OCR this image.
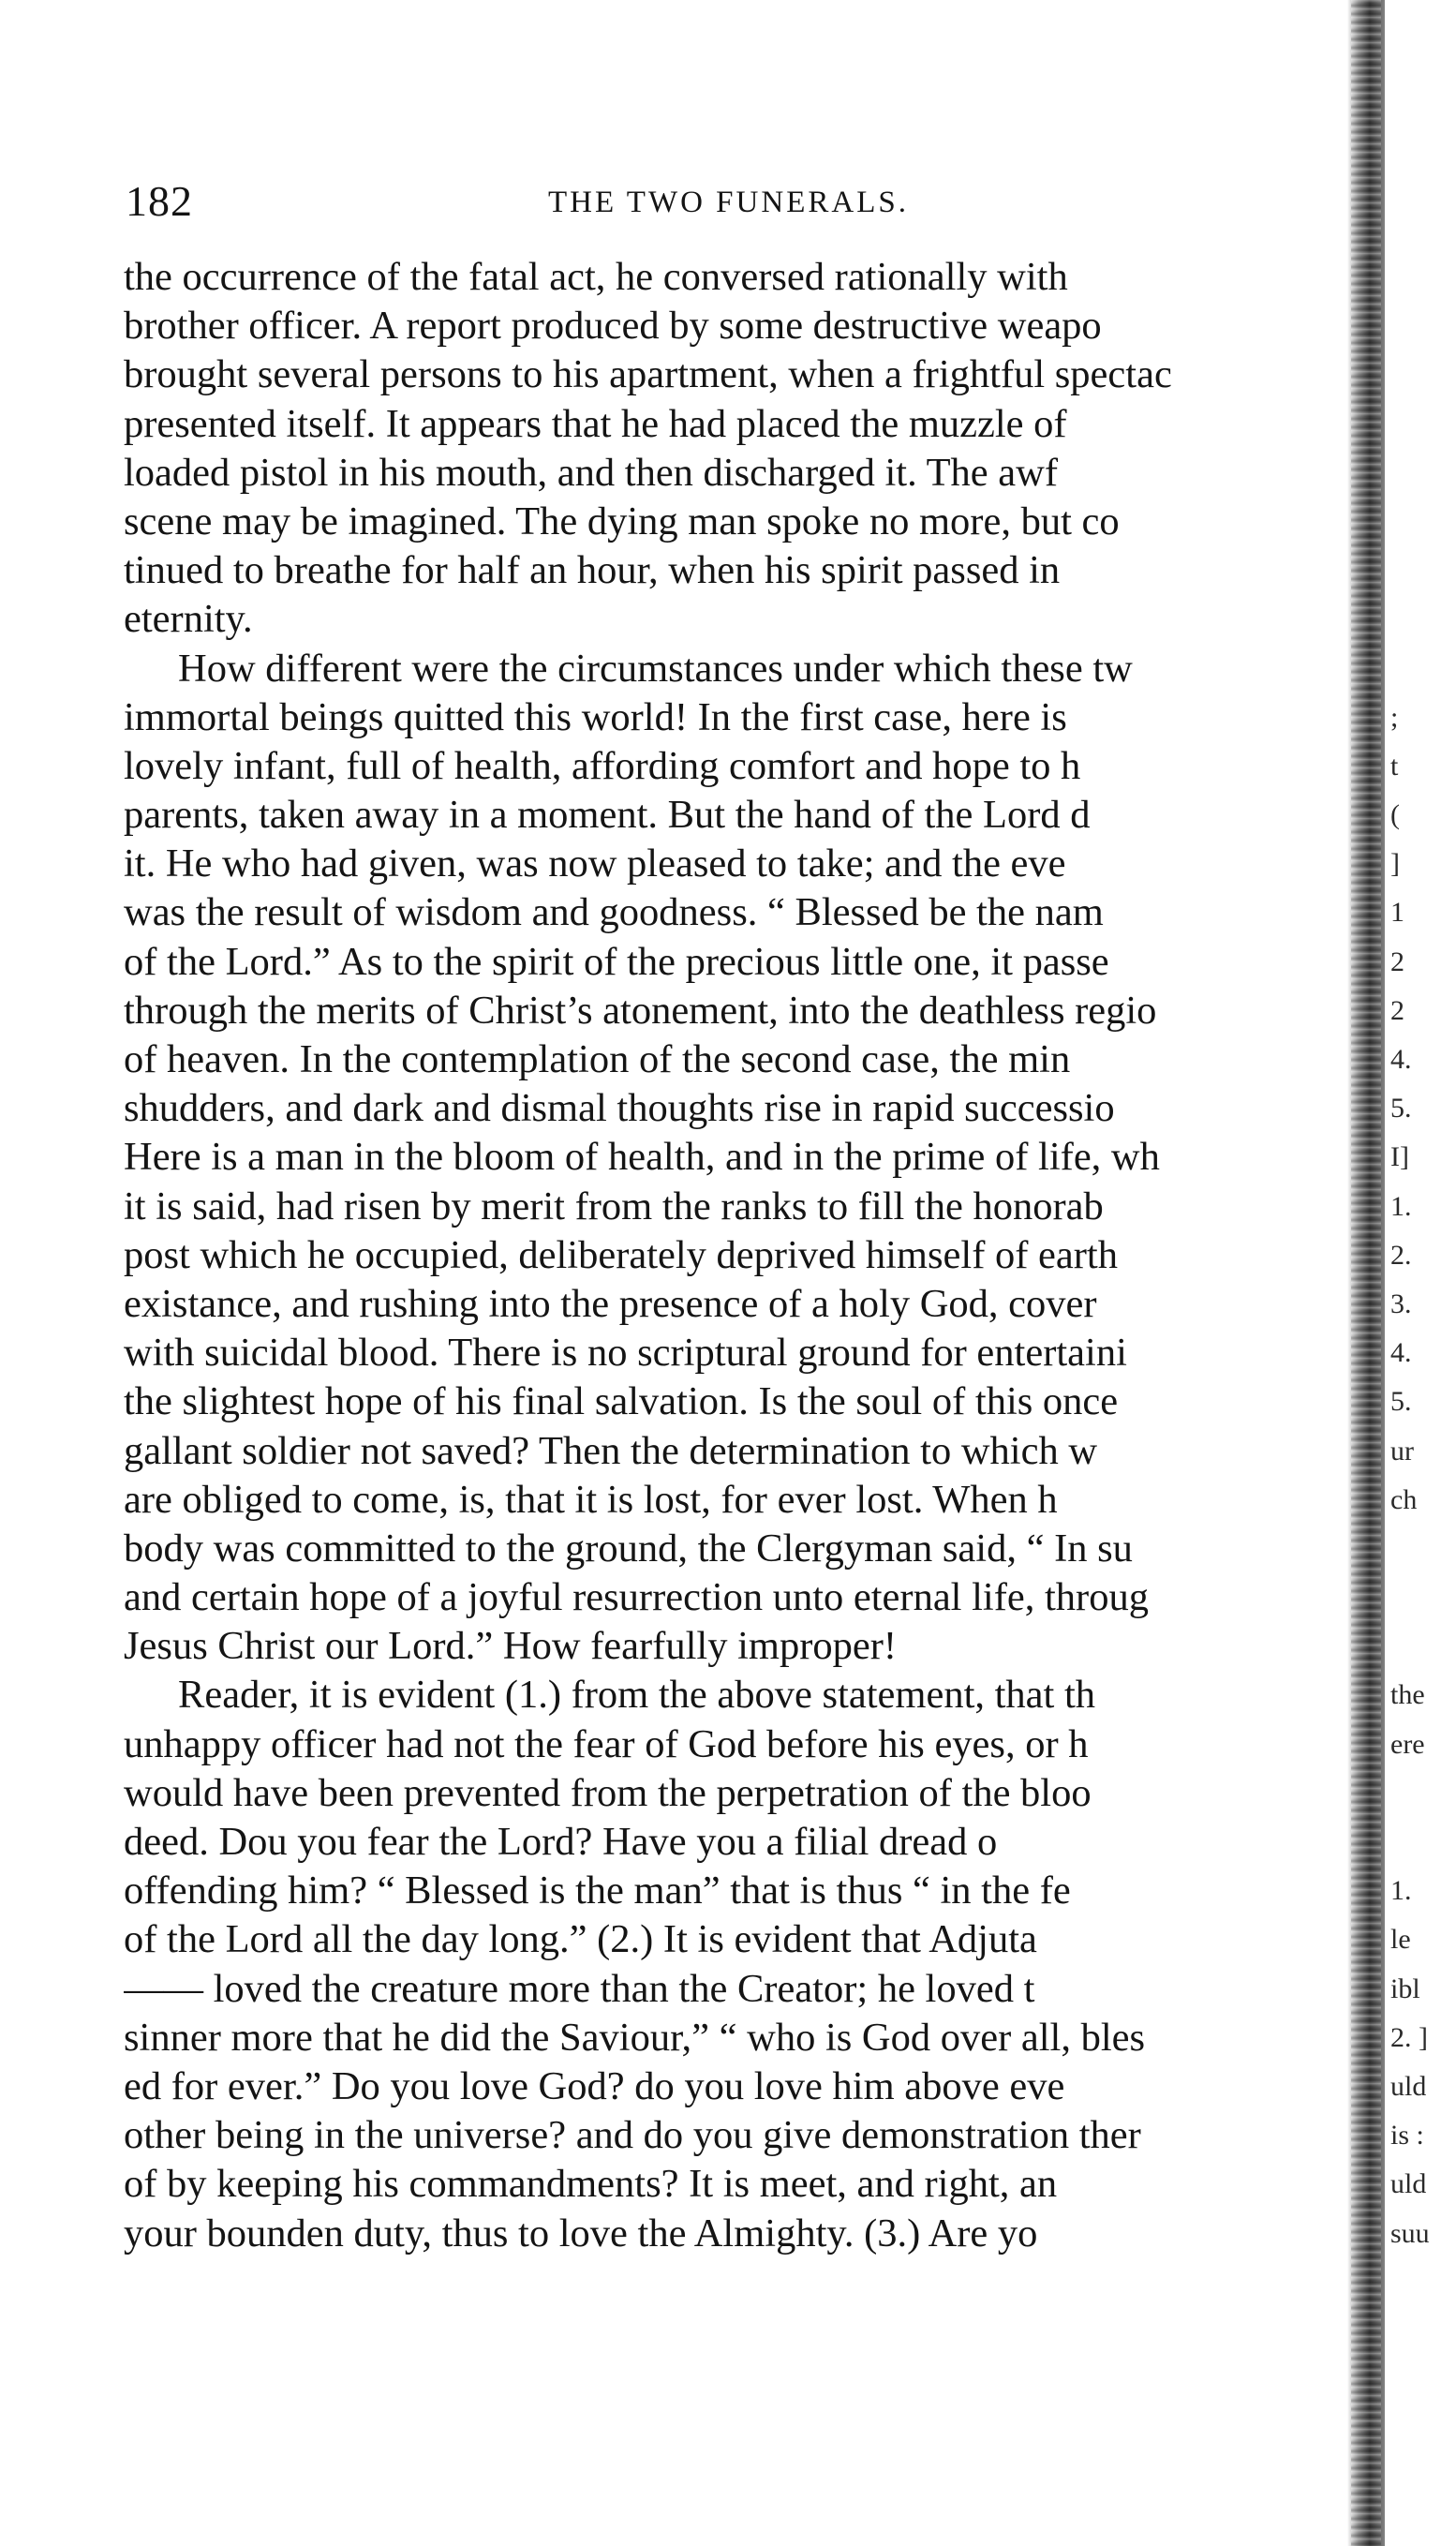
182	THE TWO FUNERALS.
the occurrence of the fatal act, he conversed rationally with
brother officer. A report produced by some destructive weapo
brought several persons to his apartment, when a frightful spectac
presented itself. It appears that he had placed the muzzle of
loaded pistol in his mouth, and then discharged it. The awf
scene may be imagined. The dying man spoke no more, but co
tinued to breathe for half an hour, when his spirit passed in
eternity.
How different were the circumstances under which these tw
immortal beings quitted this world! In the first case, here is
lovely infant, full of health, affording comfort and hope to h
parents, taken away in a moment. But the hand of the Lord d
it. He who had given, was now pleased to take; and the eve
was the result of wisdom and goodness. “ Blessed be the nam
of the Lord.” As to the spirit of the precious little one, it passe
through the merits of Christ’s atonement, into the deathless regio
of heaven. In the contemplation of the second case, the min
shudders, and dark and dismal thoughts rise in rapid successio
Here is a man in the bloom of health, and in the prime of life, wh
it is said, had risen by merit from the ranks to fill the honorab
post which he occupied, deliberately deprived himself of earth
existance, and rushing into the presence of a holy God, cover
with suicidal blood. There is no scriptural ground for entertaini
the slightest hope of his final salvation. Is the soul of this once
gallant soldier not saved? Then the determination to which w
are obliged to come, is, that it is lost, for ever lost. When h
body was committed to the ground, the Clergyman said, “ In su
and certain hope of a joyful resurrection unto eternal life, throug
Jesus Christ our Lord.” How fearfully improper!
Reader, it is evident (1.) from the above statement, that th
unhappy officer had not the fear of God before his eyes, or h
would have been prevented from the perpetration of the bloo
deed. Dou you fear the Lord? Have you a filial dread o
offending him? “ Blessed is the man” that is thus “ in the fe
of the Lord all the day long.” (2.) It is evident that Adjuta
—— loved the creature more than the Creator; he loved t
sinner more that he did the Saviour,” “ who is God over all, bles
ed for ever.” Do you love God? do you love him above eve
other being in the universe? and do you give demonstration ther
of by keeping his commandments? It is meet, and right, an
your bounden duty, thus to love the Almighty. (3.) Are yo
;
t
(
]
1
2
2
4.
5.
I]
1.
2.
3.
4.
5.
ur
ch
the
ere
1.
le
ibl
2. ]
uld
is :
uld
suu
